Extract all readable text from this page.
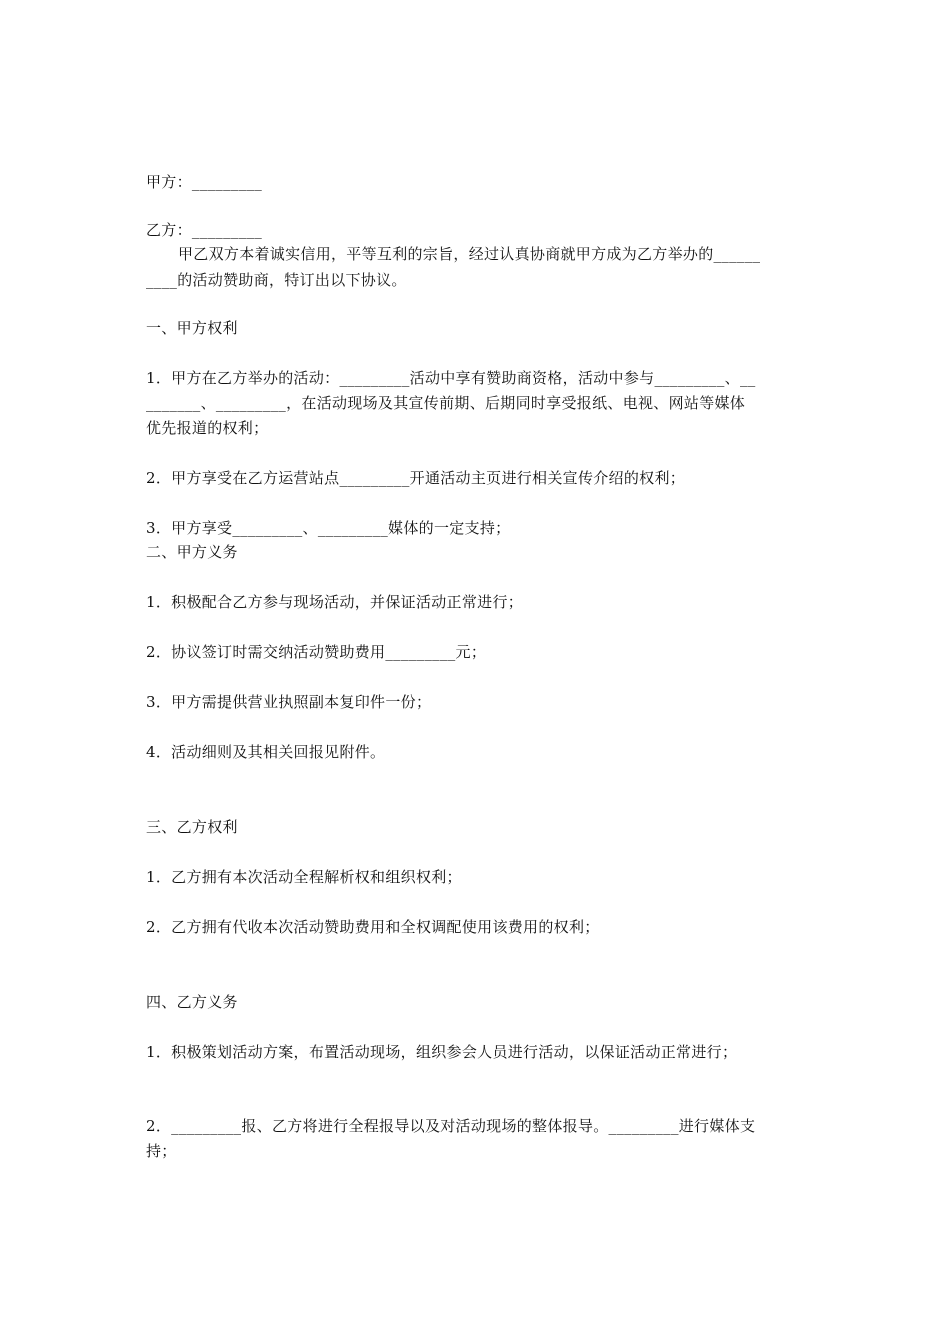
甲方：_________
乙方：_________
甲乙双方本着诚实信用，平等互利的宗旨，经过认真协商就甲方成为乙方举办的______
____的活动赞助商，特订出以下协议。
一、甲方权利
1．甲方在乙方举办的活动：_________活动中享有赞助商资格，活动中参与_________、__
_______、_________，在活动现场及其宣传前期、后期同时享受报纸、电视、网站等媒体
优先报道的权利；
2．甲方享受在乙方运营站点_________开通活动主页进行相关宣传介绍的权利；
3．甲方享受_________、_________媒体的一定支持；
二、甲方义务
1．积极配合乙方参与现场活动，并保证活动正常进行；
2．协议签订时需交纳活动赞助费用_________元；
3．甲方需提供营业执照副本复印件一份；
4．活动细则及其相关回报见附件。
三、乙方权利
1．乙方拥有本次活动全程解析权和组织权利；
2．乙方拥有代收本次活动赞助费用和全权调配使用该费用的权利；
四、乙方义务
1．积极策划活动方案，布置活动现场，组织参会人员进行活动，以保证活动正常进行；
2．_________报、乙方将进行全程报导以及对活动现场的整体报导。_________进行媒体支
持；
